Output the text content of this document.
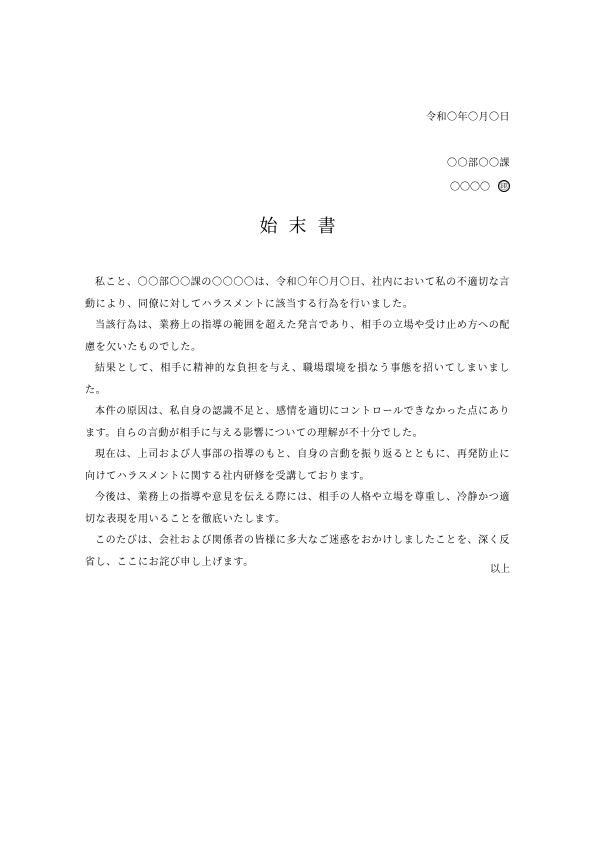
令和〇年〇月〇日
〇〇部〇〇課
〇〇〇〇 ㊞
始末書

私こと、〇〇部〇〇課の〇〇〇〇は、令和〇年〇月〇日、社内において私の不適切な言動により、同僚に対してハラスメントに該当する行為を行いました。

当該行為は、業務上の指導の範囲を超えた発言であり、相手の立場や受け止め方への配慮を欠いたものでした。

結果として、相手に精神的な負担を与え、職場環境を損なう事態を招いてしまいました。

本件の原因は、私自身の認識不足と、感情を適切にコントロールできなかった点にあります。自らの言動が相手に与える影響についての理解が不十分でした。

現在は、上司および人事部の指導のもと、自身の言動を振り返るとともに、再発防止に向けてハラスメントに関する社内研修を受講しております。

今後は、業務上の指導や意見を伝える際には、相手の人格や立場を尊重し、冷静かつ適切な表現を用いることを徹底いたします。

このたびは、会社および関係者の皆様に多大なご迷惑をおかけしましたことを、深く反省し、ここにお詫び申し上げます。

以上
